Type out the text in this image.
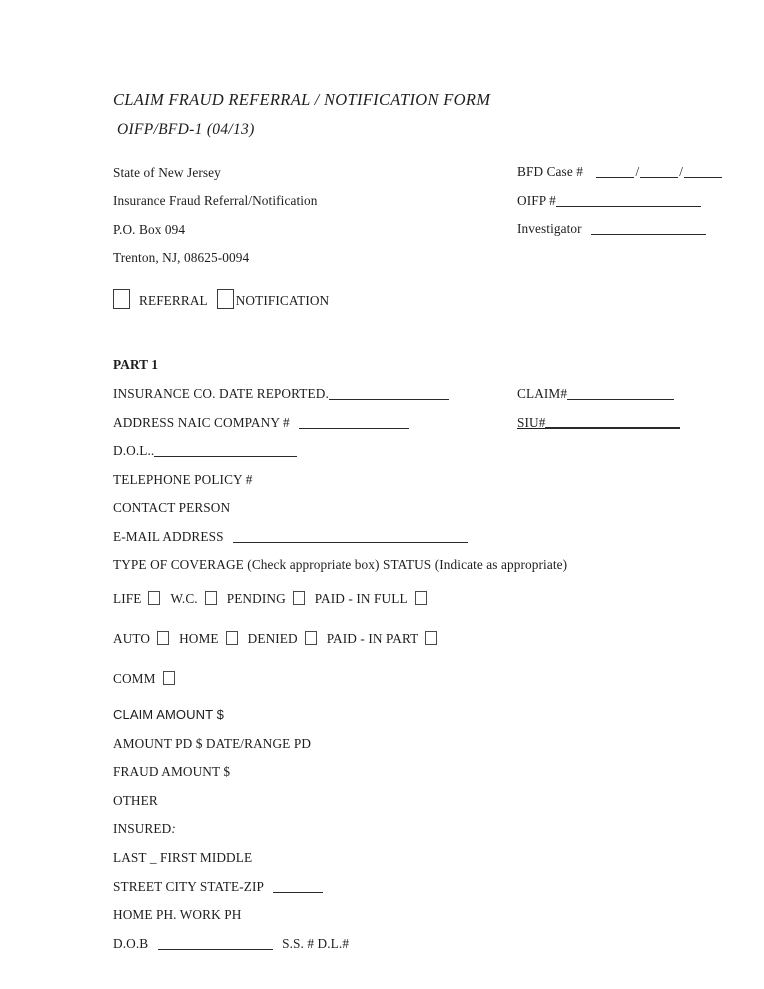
CLAIM FRAUD REFERRAL / NOTIFICATION FORM
OIFP/BFD-1 (04/13)
State of New Jersey
Insurance Fraud Referral/Notification
P.O. Box 094
Trenton, NJ, 08625-0094
BFD Case #	/	/
OIFP #
Investigator
REFERRAL NOTIFICATION
PART 1
INSURANCE CO. DATE REPORTED.	CLAIM#
ADDRESS NAIC COMPANY #	SIU#
D.O.L..
TELEPHONE POLICY #
CONTACT PERSON
E-MAIL ADDRESS
TYPE OF COVERAGE (Check appropriate box) STATUS (Indicate as appropriate)
LIFE W.C. PENDING PAID - IN FULL
AUTO HOME DENIED PAID - IN PART
COMM
CLAIM AMOUNT $
AMOUNT PD $ DATE/RANGE PD
FRAUD AMOUNT $
OTHER
INSURED:
LAST _ FIRST MIDDLE
STREET CITY STATE-ZIP
HOME PH. WORK PH
D.O.B	S.S. # D.L.#
